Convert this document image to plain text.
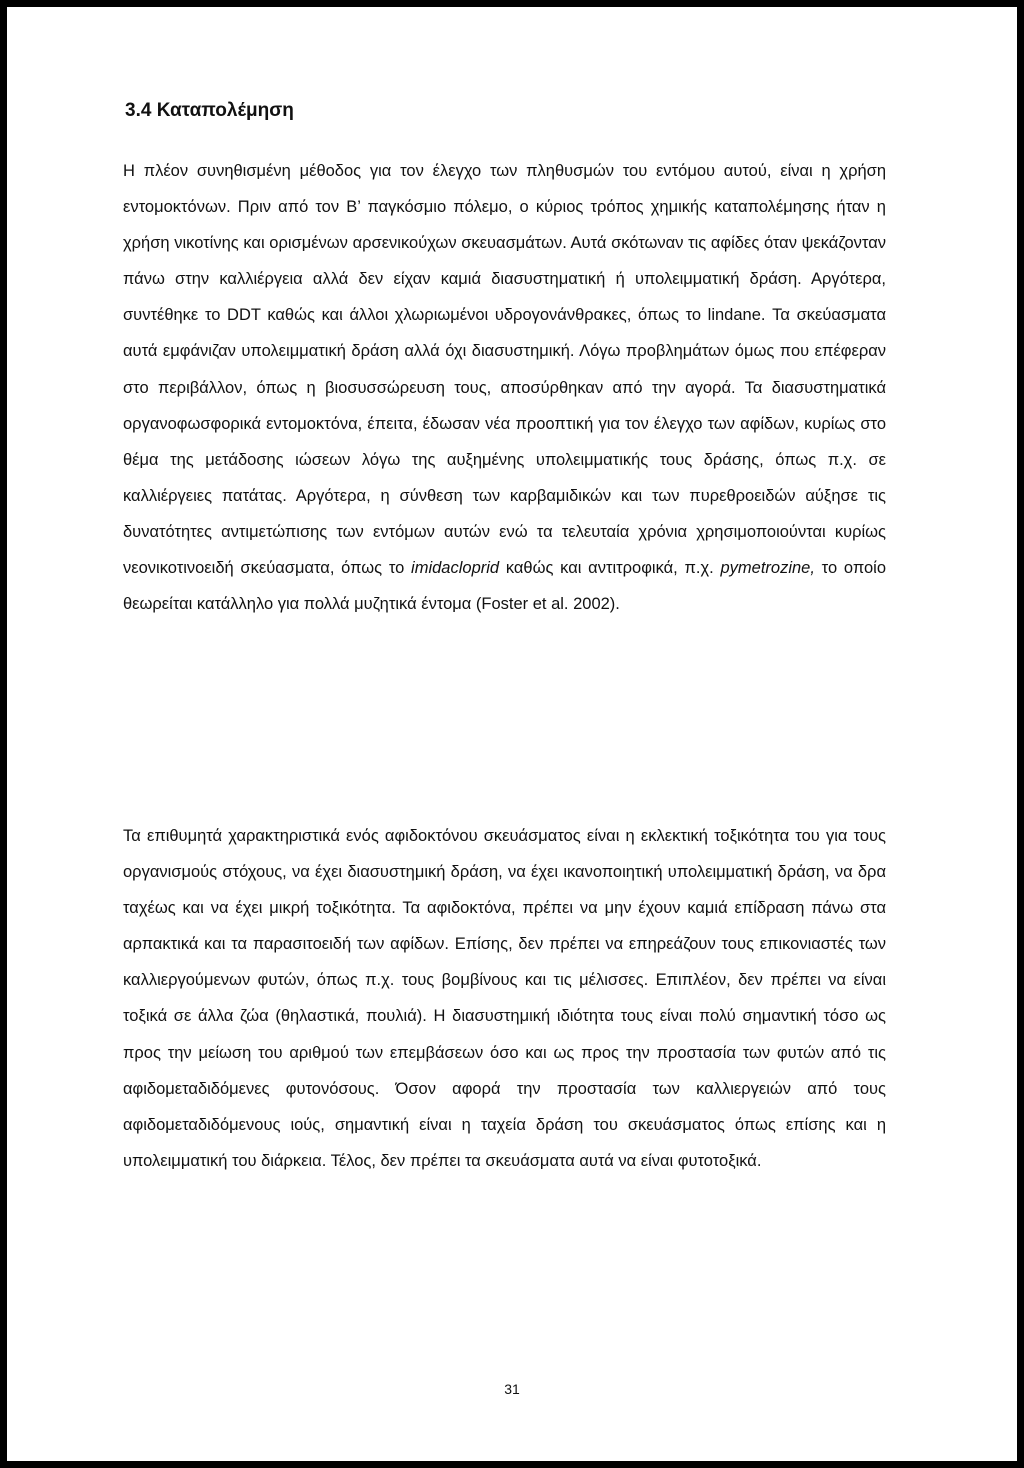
3.4 Καταπολέμηση

Η πλέον συνηθισμένη μέθοδος για τον έλεγχο των πληθυσμών του εντόμου αυτού, είναι η χρήση εντομοκτόνων. Πριν από τον Β’ παγκόσμιο πόλεμο, ο κύριος τρόπος χημικής καταπολέμησης ήταν η χρήση νικοτίνης και ορισμένων αρσενικούχων σκευασμάτων. Αυτά σκότωναν τις αφίδες όταν ψεκάζονταν πάνω στην καλλιέργεια αλλά δεν είχαν καμιά διασυστηματική ή υπολειμματική δράση. Αργότερα, συντέθηκε το DDT καθώς και άλλοι χλωριωμένοι υδρογονάνθρακες, όπως το lindane. Τα σκεύασματα αυτά εμφάνιζαν υπολειμματική δράση αλλά όχι διασυστημική. Λόγω προβλημάτων όμως που επέφεραν στο περιβάλλον, όπως η βιοσυσσώρευση τους, αποσύρθηκαν από την αγορά. Τα διασυστηματικά οργανοφωσφορικά εντομοκτόνα, έπειτα, έδωσαν νέα προοπτική για τον έλεγχο των αφίδων, κυρίως στο θέμα της μετάδοσης ιώσεων λόγω της αυξημένης υπολειμματικής τους δράσης, όπως π.χ. σε καλλιέργειες πατάτας. Αργότερα, η σύνθεση των καρβαμιδικών και των πυρεθροειδών αύξησε τις δυνατότητες αντιμετώπισης των εντόμων αυτών ενώ τα τελευταία χρόνια χρησιμοποιούνται κυρίως νεονικοτινοειδή σκεύασματα, όπως το imidacloprid καθώς και αντιτροφικά, π.χ. pymetrozine, το οποίο θεωρείται κατάλληλο για πολλά μυζητικά έντομα (Foster et al. 2002).

Τα επιθυμητά χαρακτηριστικά ενός αφιδοκτόνου σκευάσματος είναι η εκλεκτική τοξικότητα του για τους οργανισμούς στόχους, να έχει διασυστημική δράση, να έχει ικανοποιητική υπολειμματική δράση, να δρα ταχέως και να έχει μικρή τοξικότητα. Τα αφιδοκτόνα, πρέπει να μην έχουν καμιά επίδραση πάνω στα αρπακτικά και τα παρασιτοειδή των αφίδων. Επίσης, δεν πρέπει να επηρεάζουν τους επικονιαστές των καλλιεργούμενων φυτών, όπως π.χ. τους βομβίνους και τις μέλισσες. Επιπλέον, δεν πρέπει να είναι τοξικά σε άλλα ζώα (θηλαστικά, πουλιά). Η διασυστημική ιδιότητα τους είναι πολύ σημαντική τόσο ως προς την μείωση του αριθμού των επεμβάσεων όσο και ως προς την προστασία των φυτών από τις αφιδομεταδιδόμενες φυτονόσους. Όσον αφορά την προστασία των καλλιεργειών από τους αφιδομεταδιδόμενους ιούς, σημαντική είναι η ταχεία δράση του σκευάσματος όπως επίσης και η υπολειμματική του διάρκεια. Τέλος, δεν πρέπει τα σκευάσματα αυτά να είναι φυτοτοξικά.

31
